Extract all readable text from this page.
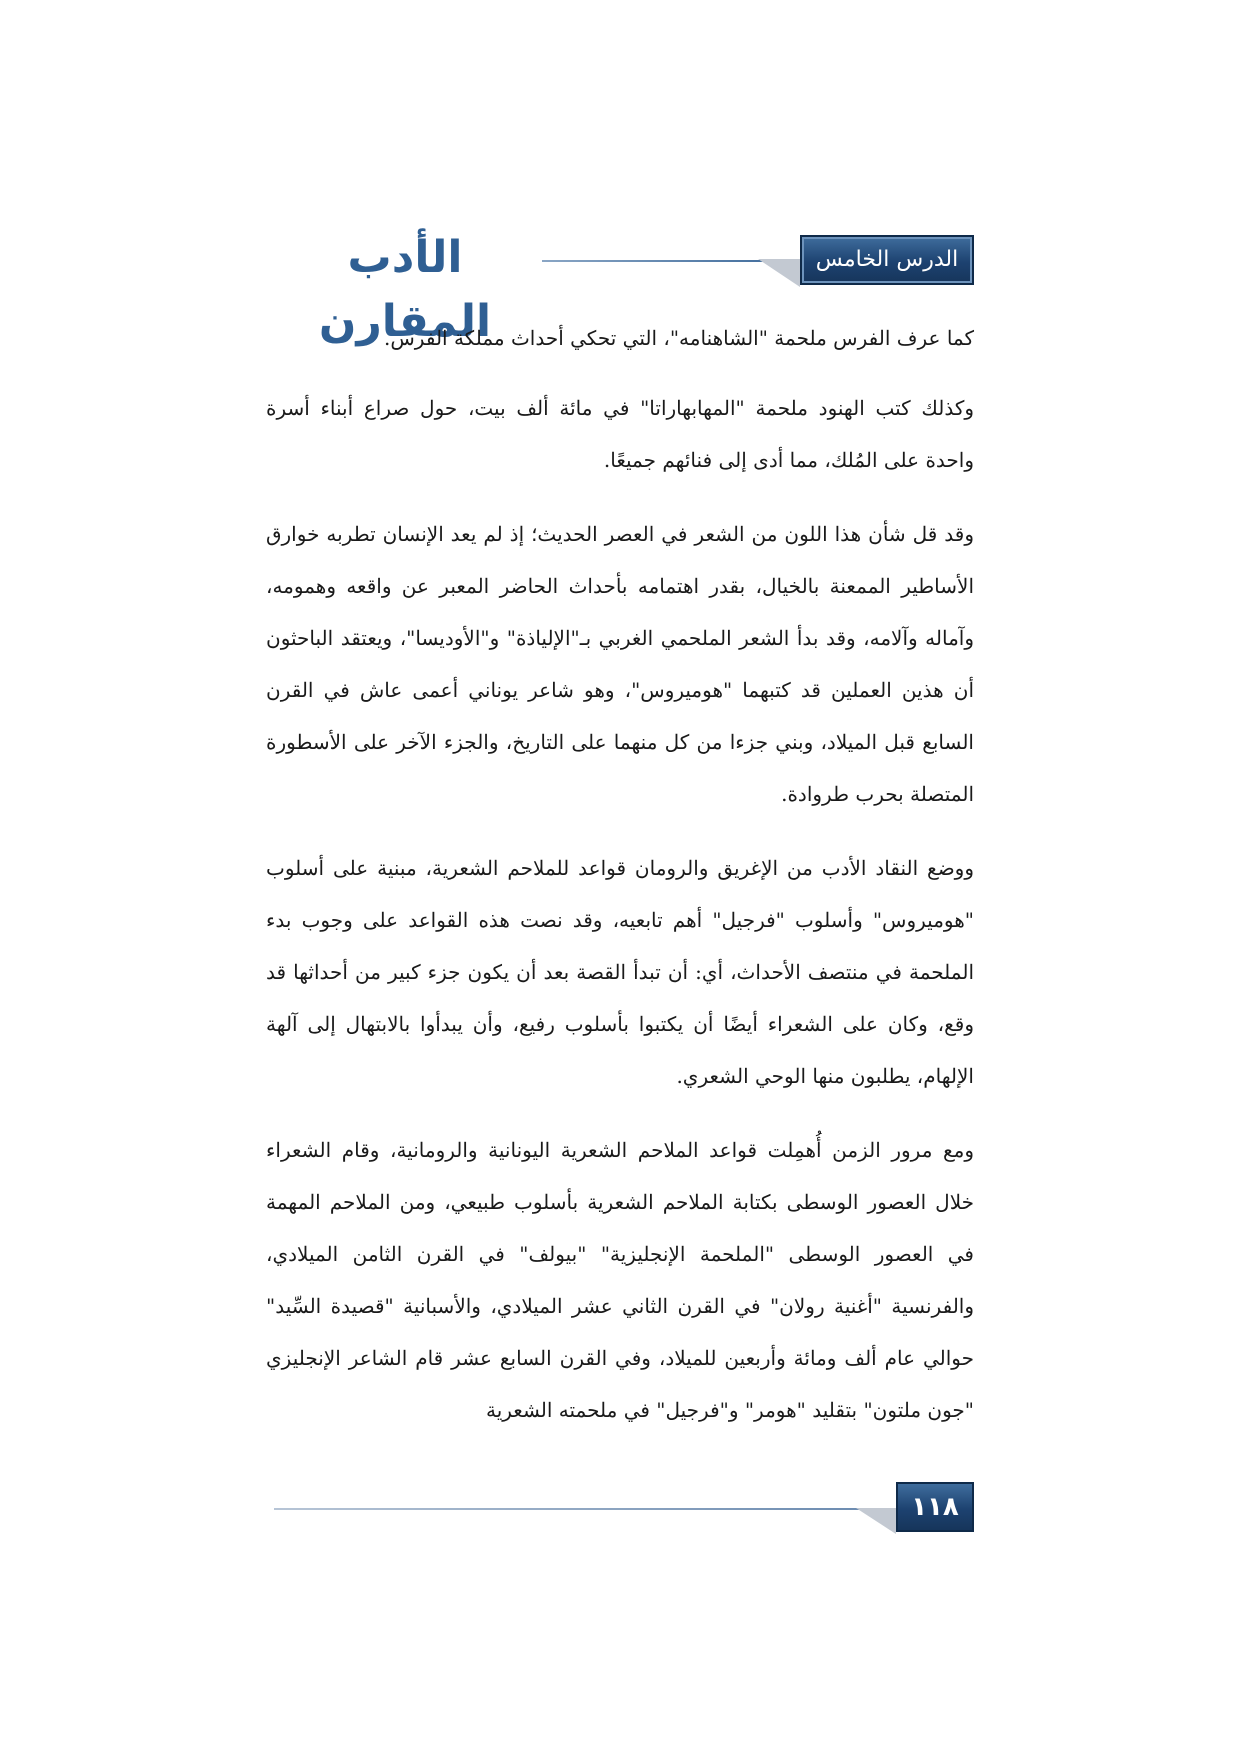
الأدب المقارن
الدرس الخامس

كما عرف الفرس ملحمة "الشاهنامه"، التي تحكي أحداث مملكة الفرس.

وكذلك كتب الهنود ملحمة "المهابهاراتا" في مائة ألف بيت، حول صراع أبناء أسرة واحدة على المُلك، مما أدى إلى فنائهم جميعًا.

وقد قل شأن هذا اللون من الشعر في العصر الحديث؛ إذ لم يعد الإنسان تطربه خوارق الأساطير الممعنة بالخيال، بقدر اهتمامه بأحداث الحاضر المعبر عن واقعه وهمومه، وآماله وآلامه، وقد بدأ الشعر الملحمي الغربي بـ"الإلياذة" و"الأوديسا"، ويعتقد الباحثون أن هذين العملين قد كتبهما "هوميروس"، وهو شاعر يوناني أعمى عاش في القرن السابع قبل الميلاد، وبني جزءا من كل منهما على التاريخ، والجزء الآخر على الأسطورة المتصلة بحرب طروادة.

ووضع النقاد الأدب من الإغريق والرومان قواعد للملاحم الشعرية، مبنية على أسلوب "هوميروس" وأسلوب "فرجيل" أهم تابعيه، وقد نصت هذه القواعد على وجوب بدء الملحمة في منتصف الأحداث، أي: أن تبدأ القصة بعد أن يكون جزء كبير من أحداثها قد وقع، وكان على الشعراء أيضًا أن يكتبوا بأسلوب رفيع، وأن يبدأوا بالابتهال إلى آلهة الإلهام، يطلبون منها الوحي الشعري.

ومع مرور الزمن أُهمِلت قواعد الملاحم الشعرية اليونانية والرومانية، وقام الشعراء خلال العصور الوسطى بكتابة الملاحم الشعرية بأسلوب طبيعي، ومن الملاحم المهمة في العصور الوسطى "الملحمة الإنجليزية" "بيولف" في القرن الثامن الميلادي، والفرنسية "أغنية رولان" في القرن الثاني عشر الميلادي، والأسبانية "قصيدة السِّيد" حوالي عام ألف ومائة وأربعين للميلاد، وفي القرن السابع عشر قام الشاعر الإنجليزي "جون ملتون" بتقليد "هومر" و"فرجيل" في ملحمته الشعرية

١١٨
